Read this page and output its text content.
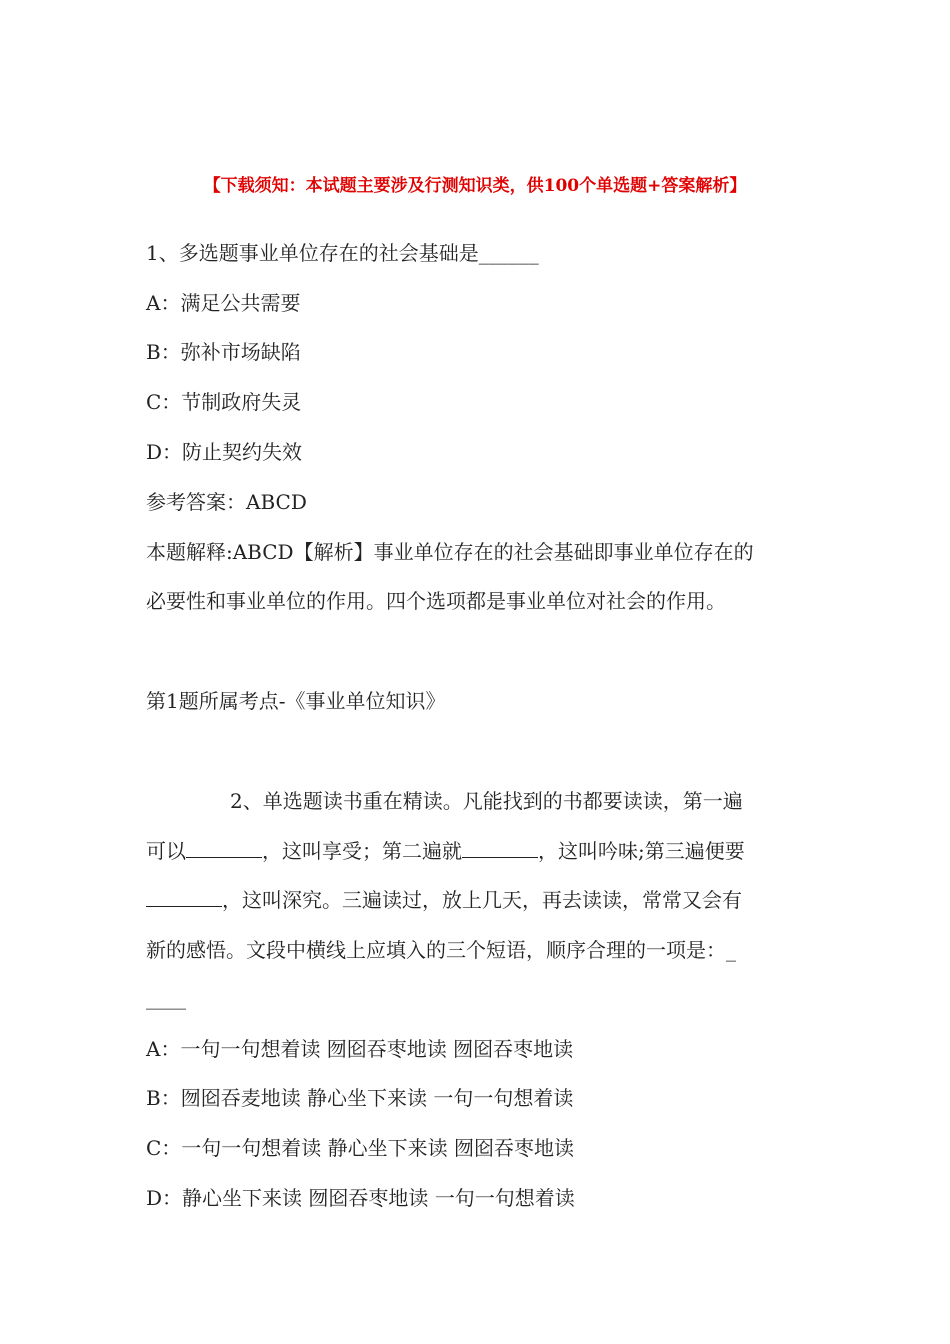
【下载须知：本试题主要涉及行测知识类，供100个单选题+答案解析】

1、多选题事业单位存在的社会基础是______

A：满足公共需要

B：弥补市场缺陷

C：节制政府失灵

D：防止契约失效

参考答案：ABCD

本题解释:ABCD【解析】事业单位存在的社会基础即事业单位存在的

必要性和事业单位的作用。四个选项都是事业单位对社会的作用。

第1题所属考点-《事业单位知识》

2、单选题读书重在精读。凡能找到的书都要读读，第一遍

可以	，这叫享受；第二遍就	，这叫吟味;第三遍便要

，这叫深究。三遍读过，放上几天，再去读读，常常又会有

新的感悟。文段中横线上应填入的三个短语，顺序合理的一项是：_

____

A：一句一句想着读 囫囵吞枣地读 囫囵吞枣地读

B：囫囵吞麦地读 静心坐下来读 一句一句想着读

C：一句一句想着读 静心坐下来读 囫囵吞枣地读

D：静心坐下来读 囫囵吞枣地读 一句一句想着读
